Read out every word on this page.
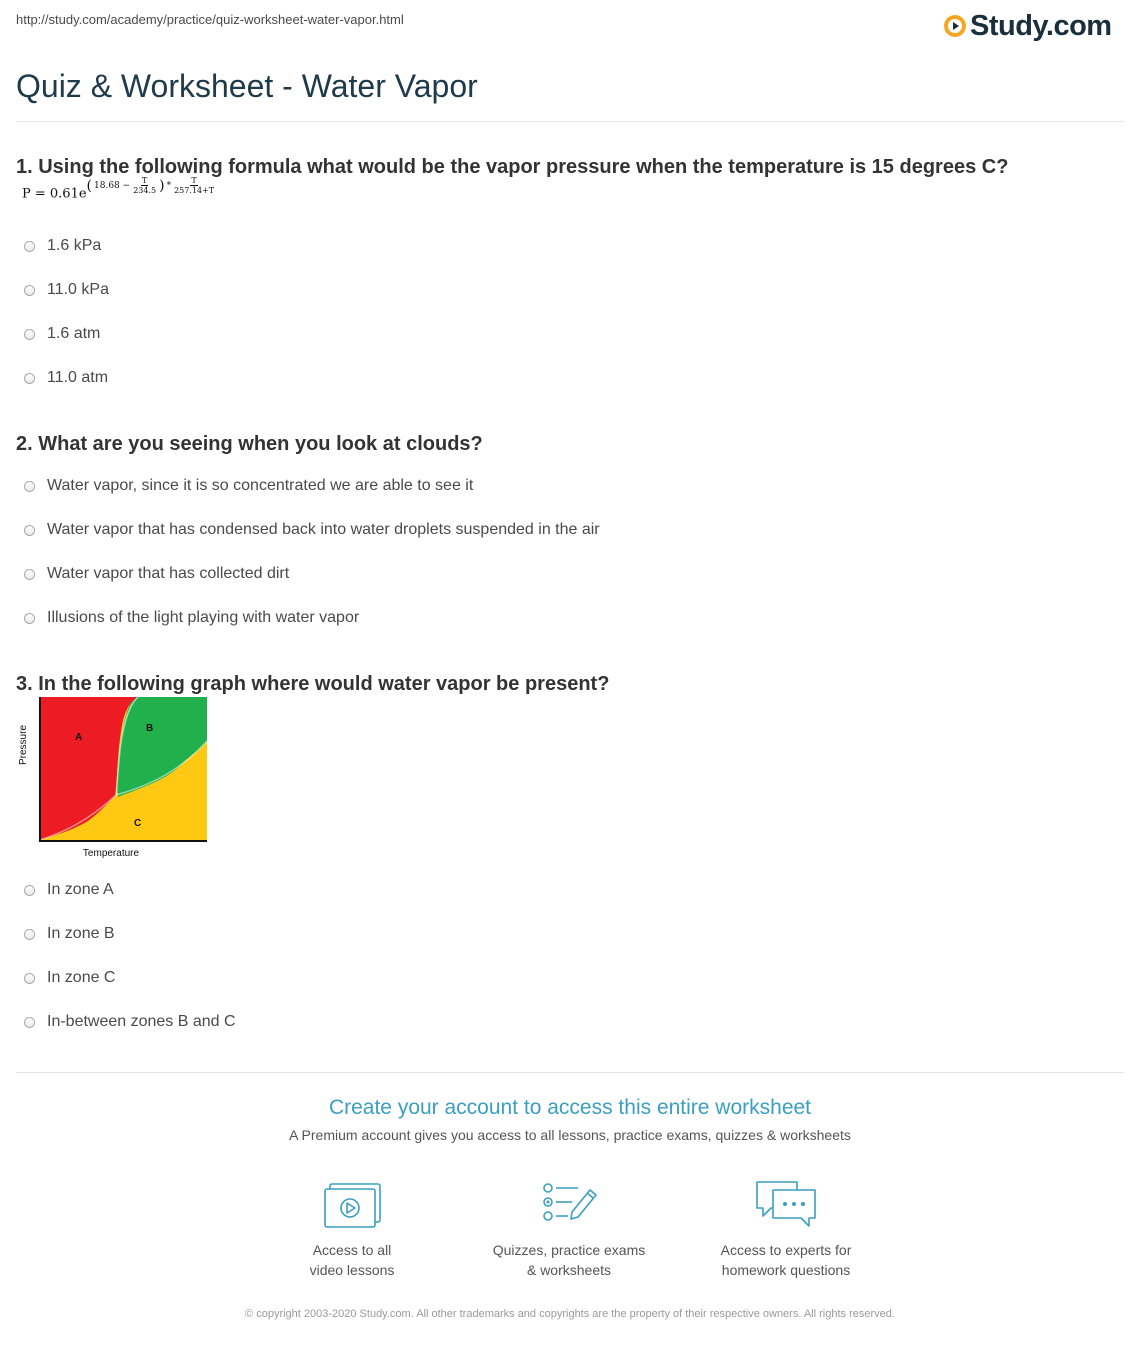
http://study.com/academy/practice/quiz-worksheet-water-vapor.html	Study.com
Quiz & Worksheet - Water Vapor
1. Using the following formula what would be the vapor pressure when the temperature is 15 degrees C?
P = 0.61e
( $18.68 - \frac{T}{234.5}$ ) * $\frac{T}{257.14+T}$
1.6 kPa
11.0 kPa
1.6 atm
11.0 atm
2. What are you seeing when you look at clouds?
Water vapor, since it is so concentrated we are able to see it
Water vapor that has condensed back into water droplets suspended in the air
Water vapor that has collected dirt
Illusions of the light playing with water vapor
3. In the following graph where would water vapor be present?
A
B
C
Temperature
Pressure
In zone A
In zone B
In zone C
In-between zones B and C
Create your account to access this entire worksheet
A Premium account gives you access to all lessons, practice exams, quizzes & worksheets
Access to all
video lessons
Quizzes, practice exams
& worksheets
Access to experts for
homework questions
© copyright 2003-2020 Study.com. All other trademarks and copyrights are the property of their respective owners. All rights reserved.
